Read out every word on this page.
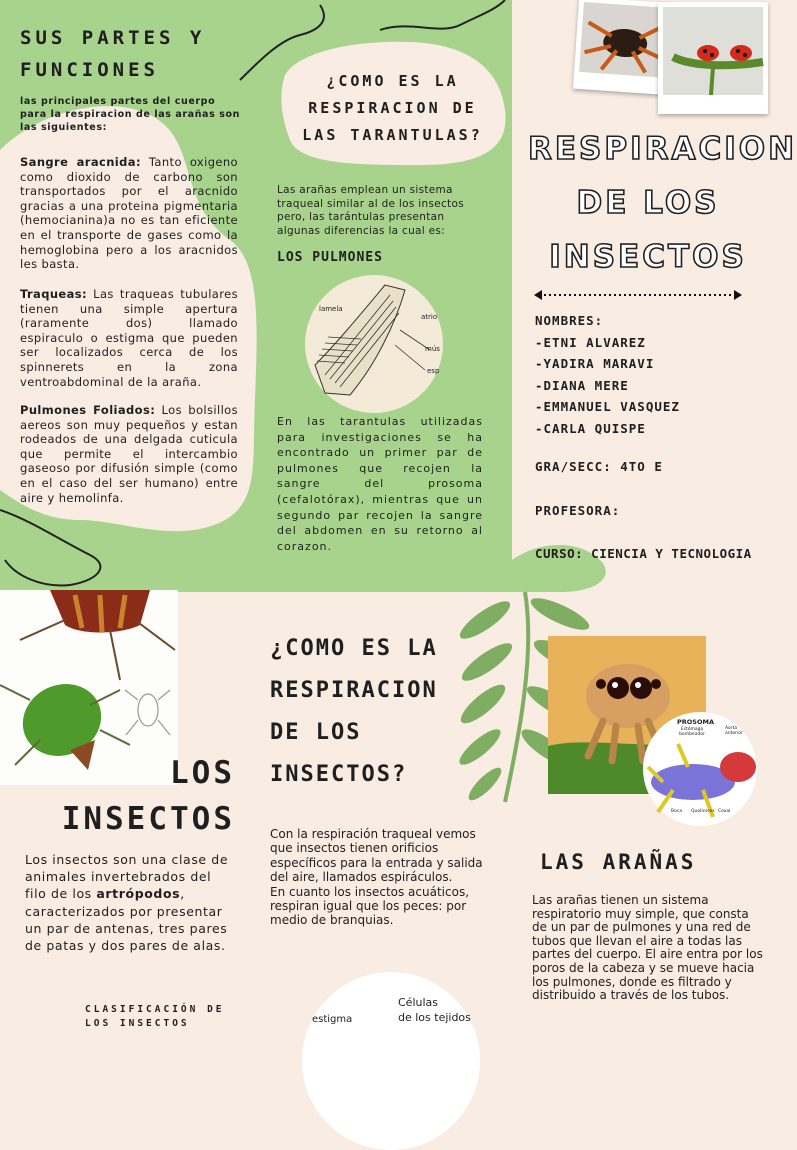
SUS PARTES Y
FUNCIONES
las principales partes del cuerpo para la respiracion de las arañas son las siguientes:
Sangre aracnida: Tanto oxigeno como dioxido de carbono son transportados por el aracnido gracias a una proteina pigmentaria (hemocianina)a no es tan eficiente en el transporte de gases como la hemoglobina pero a los aracnidos les basta.
Traqueas: Las traqueas tubulares tienen una simple apertura (raramente dos) llamado espiraculo o estigma que pueden ser localizados cerca de los spinnerets en la zona ventroabdominal de la araña.
Pulmones Foliados: Los bolsillos aereos son muy pequeños y estan rodeados de una delgada cuticula que permite el intercambio gaseoso por difusión simple (como en el caso del ser humano) entre aire y hemolinfa.
¿COMO ES LA
RESPIRACION DE
LAS TARANTULAS?
Las arañas emplean un sistema traqueal similar al de los insectos pero, las tarántulas presentan algunas diferencias la cual es:
LOS PULMONES
lamela
atrio
mús
esp
En las tarantulas utilizadas para investigaciones se ha encontrado un primer par de pulmones que recojen la sangre del prosoma (cefalotórax), mientras que un segundo par recojen la sangre del abdomen en su retorno al corazon.
RESPIRACION
DE LOS
INSECTOS
NOMBRES:
-ETNI ALVAREZ
-YADIRA MARAVI
-DIANA MERE
-EMMANUEL VASQUEZ
-CARLA QUISPE
GRA/SECC: 4TO E
PROFESORA:
CURSO: CIENCIA Y TECNOLOGIA
LOS
INSECTOS
Los insectos son una clase de animales invertebrados del filo de los artrópodos, caracterizados por presentar un par de antenas, tres pares de patas y dos pares de alas.
CLASIFICACIÓN DE
LOS INSECTOS
¿COMO ES LA
RESPIRACION
DE LOS
INSECTOS?
Con la respiración traqueal vemos que insectos tienen orificios específicos para la entrada y salida del aire, llamados espiráculos.
En cuanto los insectos acuáticos, respiran igual que los peces: por medio de branquias.
estigma
Células
de los tejidos
PROSOMA
Estómago bombeador
Aorta anterior
Boca Quelíceros Coxal
LAS ARAÑAS
Las arañas tienen un sistema respiratorio muy simple, que consta de un par de pulmones y una red de tubos que llevan el aire a todas las partes del cuerpo. El aire entra por los poros de la cabeza y se mueve hacia los pulmones, donde es filtrado y distribuido a través de los tubos.
